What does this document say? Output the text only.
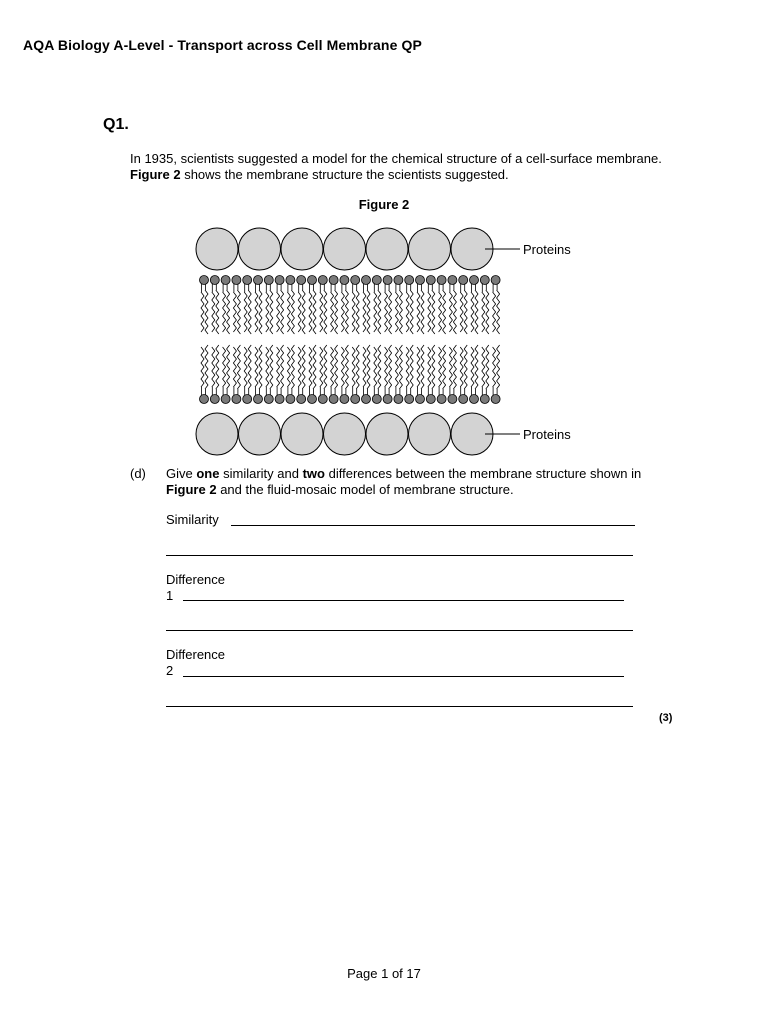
AQA Biology A-Level - Transport across Cell Membrane QP
Q1.
In 1935, scientists suggested a model for the chemical structure of a cell-surface membrane. Figure 2 shows the membrane structure the scientists suggested.
Figure 2
Proteins
Proteins
(d) Give one similarity and two differences between the membrane structure shown in Figure 2 and the fluid-mosaic model of membrane structure.
Similarity
Difference
1
Difference
2
(3)
Page 1 of 17
